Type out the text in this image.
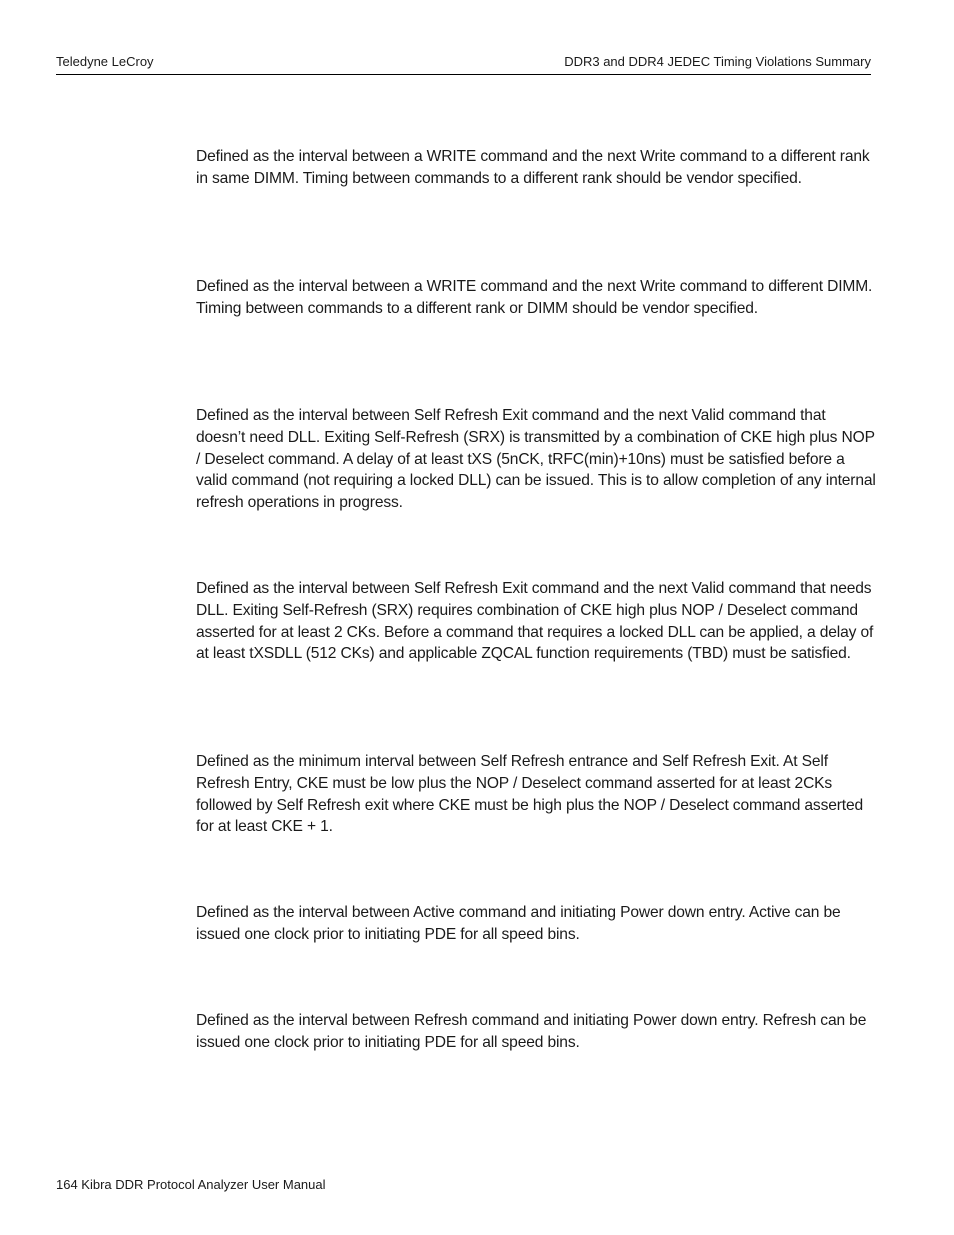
Teledyne LeCroy	DDR3 and DDR4 JEDEC Timing Violations Summary

Defined as the interval between a WRITE command and the next Write command to a different rank in same DIMM. Timing between commands to a different rank should be vendor specified.

Defined as the interval between a WRITE command and the next Write command to different DIMM. Timing between commands to a different rank or DIMM should be vendor specified.

Defined as the interval between Self Refresh Exit command and the next Valid command that doesn’t need DLL. Exiting Self-Refresh (SRX) is transmitted by a combination of CKE high plus NOP / Deselect command. A delay of at least tXS (5nCK, tRFC(min)+10ns) must be satisfied before a valid command (not requiring a locked DLL) can be issued. This is to allow completion of any internal refresh operations in progress.

Defined as the interval between Self Refresh Exit command and the next Valid command that needs DLL. Exiting Self-Refresh (SRX) requires combination of CKE high plus NOP / Deselect command asserted for at least 2 CKs. Before a command that requires a locked DLL can be applied, a delay of at least tXSDLL (512 CKs) and applicable ZQCAL function requirements (TBD) must be satisfied.

Defined as the minimum interval between Self Refresh entrance and Self Refresh Exit. At Self Refresh Entry, CKE must be low plus the NOP / Deselect command asserted for at least 2CKs followed by Self Refresh exit where CKE must be high plus the NOP / Deselect command asserted for at least CKE + 1.

Defined as the interval between Active command and initiating Power down entry. Active can be issued one clock prior to initiating PDE for all speed bins.

Defined as the interval between Refresh command and initiating Power down entry. Refresh can be issued one clock prior to initiating PDE for all speed bins.

164 Kibra DDR Protocol Analyzer User Manual
